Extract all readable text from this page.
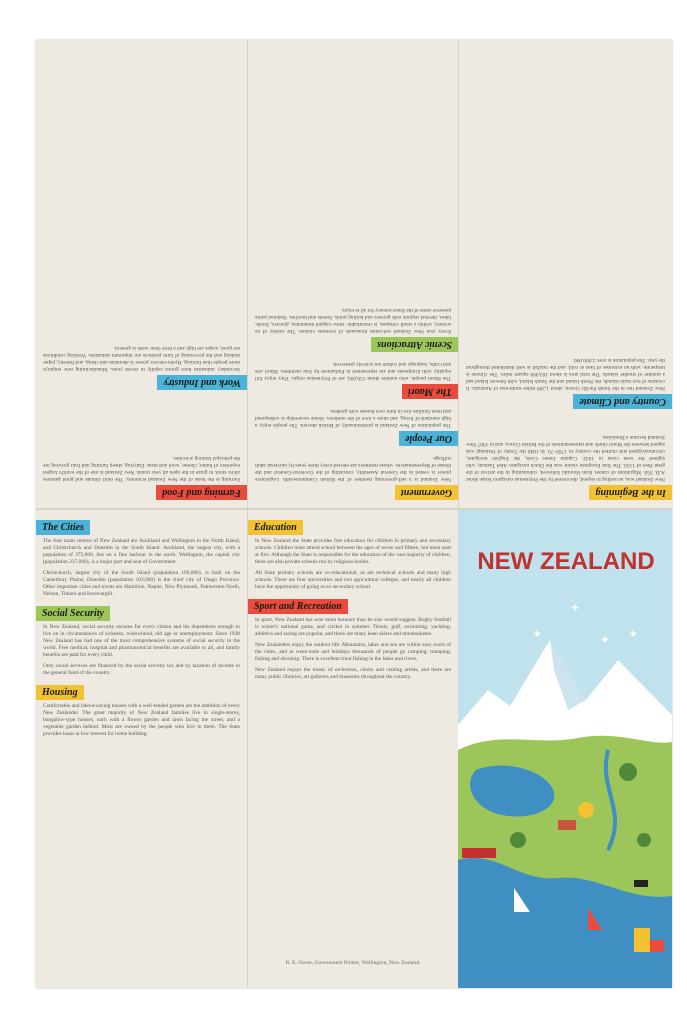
Farming and Food

Farming is the basis of the New Zealand economy. The mild climate and good pastures allow stock to graze in the open all year round. New Zealand is one of the world's largest exporters of butter, cheese, wool and meat. Dairying, sheep farming and fruit growing are the principal farming activities.

Work and Industry

Secondary industries have grown rapidly in recent years. Manufacturing now employs more people than farming. Hydro-electric power is abundant and cheap, and forestry, paper making and the processing of farm products are important industries. Working conditions are good, wages are high and a forty-hour week is general.

Government

New Zealand is a self-governing member of the British Commonwealth. Legislative power is vested in the General Assembly, consisting of the Governor-General and the House of Representatives, whose members are elected every three years by universal adult suffrage.

Our People

The population of New Zealand is predominantly of British descent. The people enjoy a high standard of living, and share a love of the outdoors. Home ownership is widespread and most families live in their own houses with gardens.

The Maori

The Maori people, who number about 150,000, are of Polynesian origin. They enjoy full equality with Europeans and are represented in Parliament by four members. Maori arts and crafts, language and culture are actively preserved.

Scenic Attractions

Every year New Zealand welcomes thousands of overseas visitors. The variety of its scenery, within a small compass, is remarkable: snow-capped mountains, glaciers, fiords, lakes, thermal regions with geysers and boiling pools, forests and beaches. National parks preserve some of the finest scenery for all to enjoy.

In the Beginning

New Zealand was, according to legend, discovered by the Polynesian navigator Kupe about A.D. 950. Migrations of canoes from Hawaiki followed, culminating in the arrival of the great fleet of 1350. The first European visitor was the Dutch navigator Abel Tasman, who sighted the west coast in 1642. Captain James Cook, the English navigator, circumnavigated and charted the country in 1769–70. In 1840 the Treaty of Waitangi was signed between the Maori chiefs and representatives of the British Crown, and in 1907 New Zealand became a Dominion.

Country and Climate

New Zealand lies in the South Pacific Ocean, about 1,200 miles south-east of Australia. It consists of two main islands, the North Island and the South Island, with Stewart Island and a number of smaller islands. The total area is about 103,000 square miles. The climate is temperate, with no extremes of heat or cold, and the rainfall is well distributed throughout the year. The population is over 2,000,000.

The Cities

The four main centres of New Zealand are Auckland and Wellington in the North Island, and Christchurch and Dunedin in the South Island. Auckland, the largest city, with a population of 375,000, lies on a fine harbour in the north. Wellington, the capital city (population 237,000), is a major port and seat of Government.

Christchurch, largest city of the South Island (population 196,000), is built on the Canterbury Plains; Dunedin (population 102,000) is the chief city of Otago Province. Other important cities and towns are Hamilton, Napier, New Plymouth, Palmerston North, Nelson, Timaru and Invercargill.

Social Security

In New Zealand, social security ensures for every citizen and his dependents enough to live on in circumstances of sickness, widowhood, old age or unemployment. Since 1938 New Zealand has had one of the most comprehensive systems of social security in the world. Free medical, hospital and pharmaceutical benefits are available to all, and family benefits are paid for every child.

Only social services are financed by the social security tax and by taxation of income in the general fund of the country.

Housing

Comfortable and labour-saving houses with a well-tended garden are the ambition of every New Zealander. The great majority of New Zealand families live in single-storey, bungalow-type houses, each with a flower garden and lawn facing the street, and a vegetable garden behind. Most are owned by the people who live in them. The State provides loans at low interest for home building.

Education

In New Zealand the State provides free education for children in primary and secondary schools. Children must attend school between the ages of seven and fifteen, but most start at five. Although the State is responsible for the education of the vast majority of children, there are also private schools run by religious bodies.

All State primary schools are co-educational, as are technical schools and many high schools. There are four universities and two agricultural colleges, and nearly all children have the opportunity of going on to secondary school.

Sport and Recreation

In sport, New Zealand has won more honours than its size would suggest. Rugby football is winter's national game, and cricket in summer. Tennis, golf, swimming, yachting, athletics and racing are popular, and there are many keen skiers and mountaineers.

New Zealanders enjoy the outdoor life. Mountains, lakes and sea are within easy reach of the cities, and at week-ends and holidays thousands of people go camping, tramping, fishing and shooting. There is excellent trout fishing in the lakes and rivers.

New Zealand enjoys the music of orchestras, choirs and visiting artists, and there are many public libraries, art galleries and museums throughout the country.

R. E. Owen, Government Printer, Wellington, New Zealand.
NEW ZEALAND
✦
✦	✦
✦
